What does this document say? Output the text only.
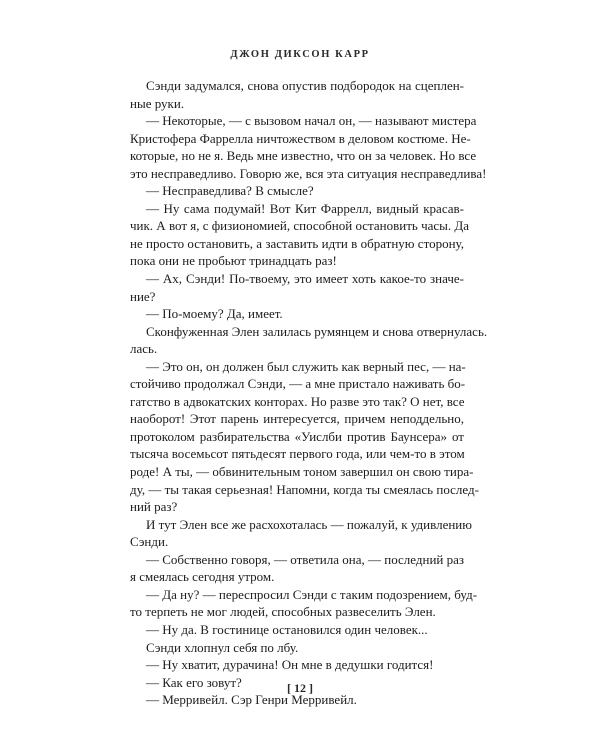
ДЖОН ДИКСОН КАРР
Сэнди задумался, снова опустив подбородок на сцеплен-
ные руки.
— Некоторые, — с вызовом начал он, — называют мистера
Кристофера Фаррелла ничтожеством в деловом костюме. Не-
которые, но не я. Ведь мне известно, что он за человек. Но все
это несправедливо. Говорю же, вся эта ситуация несправедлива!
— Несправедлива? В смысле?
— Ну сама подумай! Вот Кит Фаррелл, видный красав-
чик. А вот я, с физиономией, способной остановить часы. Да
не просто остановить, а заставить идти в обратную сторону,
пока они не пробьют тринадцать раз!
— Ах, Сэнди! По-твоему, это имеет хоть какое-то значе-
ние?
— По-моему? Да, имеет.
Сконфуженная Элен залилась румянцем и снова отвернулась.
лась.
— Это он, он должен был служить как верный пес, — на-
стойчиво продолжал Сэнди, — а мне пристало наживать бо-
гатство в адвокатских конторах. Но разве это так? О нет, все
наоборот! Этот парень интересуется, причем неподдельно,
протоколом разбирательства «Уислби против Баунсера» от
тысяча восемьсот пятьдесят первого года, или чем-то в этом
роде! А ты, — обвинительным тоном завершил он свою тира-
ду, — ты такая серьезная! Напомни, когда ты смеялась послед-
ний раз?
И тут Элен все же расхохоталась — пожалуй, к удивлению
Сэнди.
— Собственно говоря, — ответила она, — последний раз
я смеялась сегодня утром.
— Да ну? — переспросил Сэнди с таким подозрением, буд-
то терпеть не мог людей, способных развеселить Элен.
— Ну да. В гостинице остановился один человек...
Сэнди хлопнул себя по лбу.
— Ну хватит, дурачина! Он мне в дедушки годится!
— Как его зовут?
— Мерривейл. Сэр Генри Мерривейл.
[ 12 ]
